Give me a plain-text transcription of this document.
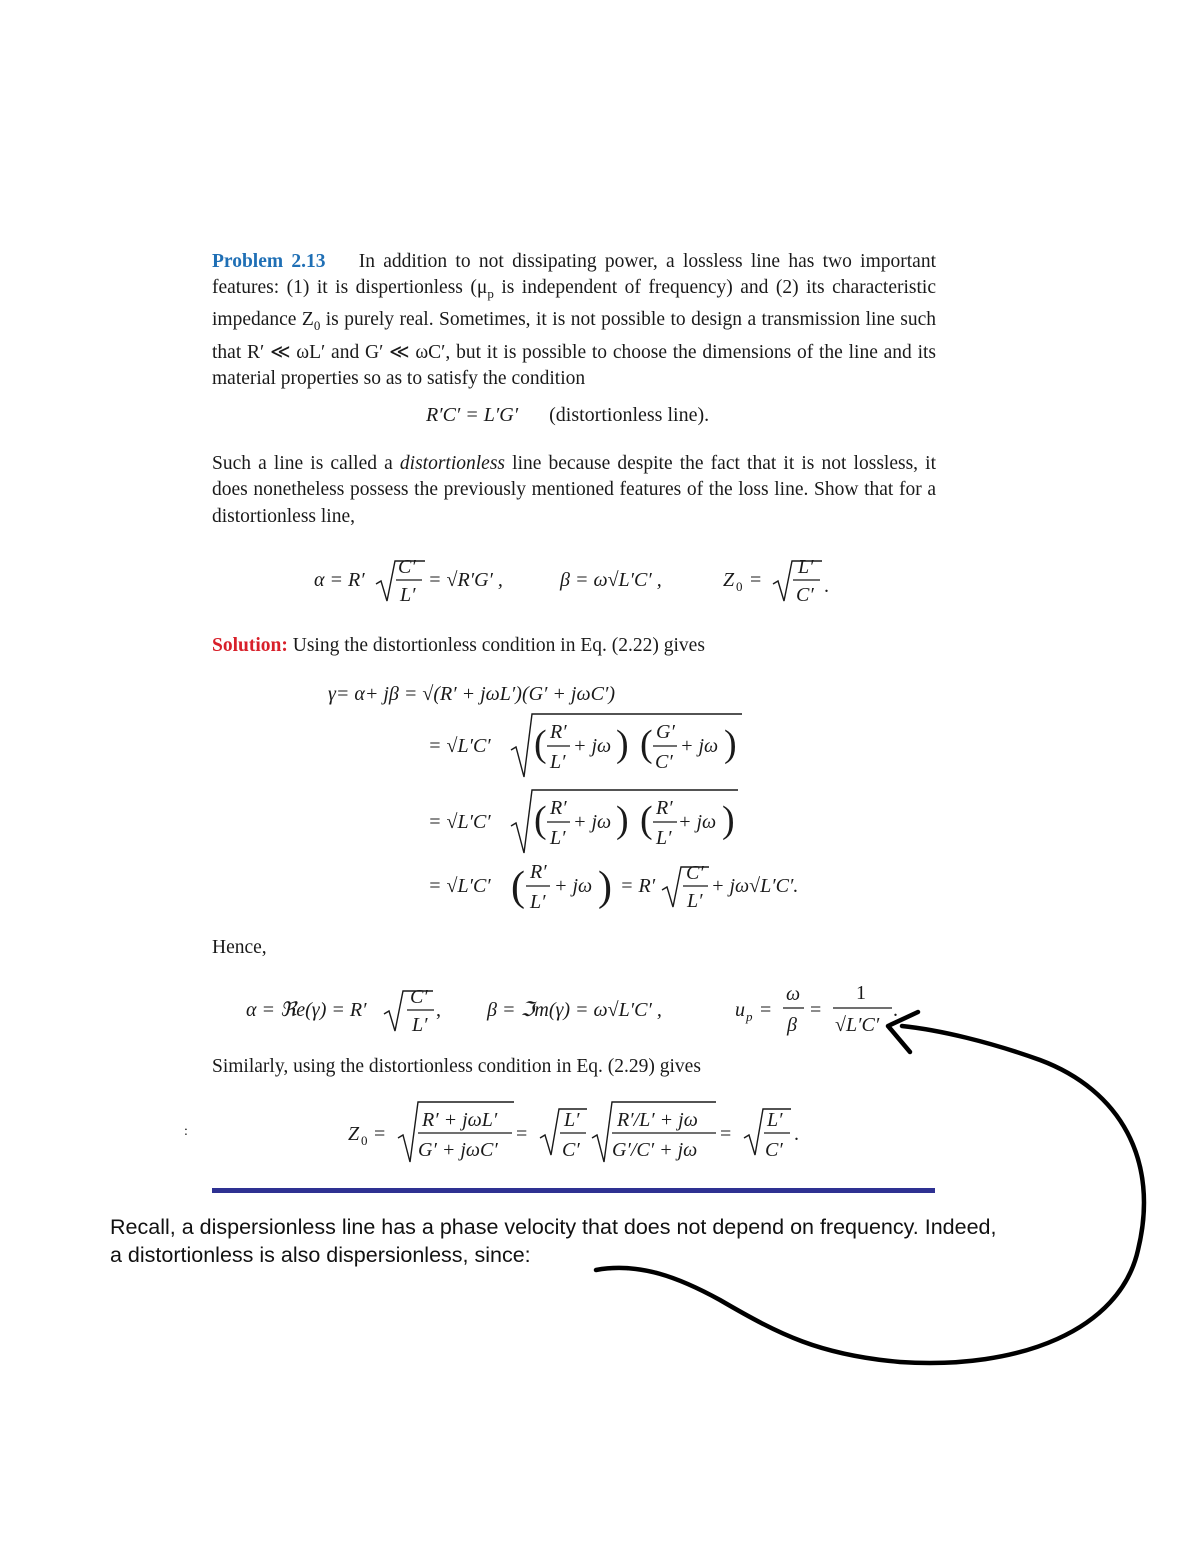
Problem 2.13 In addition to not dissipating power, a lossless line has two important features: (1) it is dispertionless ($\mu_p$ is independent of frequency) and (2) its characteristic impedance $Z_0$ is purely real. Sometimes, it is not possible to design a transmission line such that R′ ≪ ωL′ and G′ ≪ ωC′, but it is possible to choose the dimensions of the line and its material properties so as to satisfy the condition
R′C′ = L′G′ (distortionless line).
Such a line is called a distortionless line because despite the fact that it is not lossless, it does nonetheless possess the previously mentioned features of the loss line. Show that for a distortionless line,
α = R′
C′
L′
= √R′G′ ,	β = ω√L′C′ ,	Z 0 =
L′
C′ .
γ= α+ jβ = √(R′ + jωL′)(G′ + jωC′)
= √L′C′ ( R′
L′
+ jω ) ( G′
C′
+ jω )
= √L′C′ ( R′
L′
+ jω ) ( R′
L′
+ jω )
= √L′C′ ( R′
L′
+ jω ) = R′
C′
L′
+ jω√L′C′.
α = ℜe(γ) = R′
C′
L′
, β = ℑm(γ) = ω√L′C′ ,	u p =
ω
β
=
1
√L′C′
.
Z 0 =
R′ + jωL′
G′ + jωC′
=
L′
C′
R′/L′ + jω
G′/C′ + jω
=
L′
C′
.
Solution: Using the distortionless condition in Eq. (2.22) gives
Hence,
Similarly, using the distortionless condition in Eq. (2.29) gives
:
Recall, a dispersionless line has a phase velocity that does not depend on frequency. Indeed,
a distortionless is also dispersionless, since:
